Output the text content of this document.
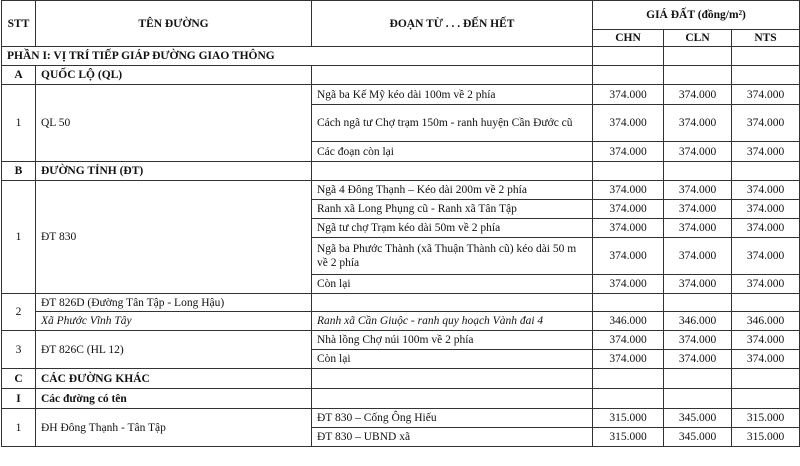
STT	TÊN ĐƯỜNG	ĐOẠN TỪ . . . ĐẾN HẾT	GIÁ ĐẤT (đồng/m²)		
			CHN	CLN	NTS
PHẦN I: VỊ TRÍ TIẾP GIÁP ĐƯỜNG GIAO THÔNG					
A	QUỐC LỘ (QL)				
1	QL 50	Ngã ba Kế Mỹ kéo dài 100m về 2 phía	374.000	374.000	374.000
		Cách ngã tư Chợ trạm 150m - ranh huyện Cần Đước cũ	374.000	374.000	374.000
		Các đoạn còn lại	374.000	374.000	374.000
B	ĐƯỜNG TỈNH (ĐT)				
1	ĐT 830	Ngã 4 Đông Thạnh – Kéo dài 200m về 2 phía	374.000	374.000	374.000
		Ranh xã Long Phụng cũ - Ranh xã Tân Tập	374.000	374.000	374.000
		Ngã tư chợ Trạm kéo dài 50m về 2 phía	374.000	374.000	374.000
		Ngã ba Phước Thành (xã Thuận Thành cũ) kéo dài 50 m về 2 phía	374.000	374.000	374.000
		Còn lại	374.000	374.000	374.000
2	ĐT 826D (Đường Tân Tập - Long Hậu)				
	Xã Phước Vĩnh Tây	Ranh xã Cần Giuộc - ranh quy hoạch Vành đai 4	346.000	346.000	346.000
3	ĐT 826C (HL 12)	Nhà lồng Chợ núi 100m về 2 phía	374.000	374.000	374.000
		Còn lại	374.000	374.000	374.000
C	CÁC ĐƯỜNG KHÁC				
I	Các đường có tên				
1	ĐH Đông Thạnh - Tân Tập	ĐT 830 – Cống Ông Hiếu	315.000	345.000	315.000
		ĐT 830 – UBND xã	315.000	345.000	315.000
